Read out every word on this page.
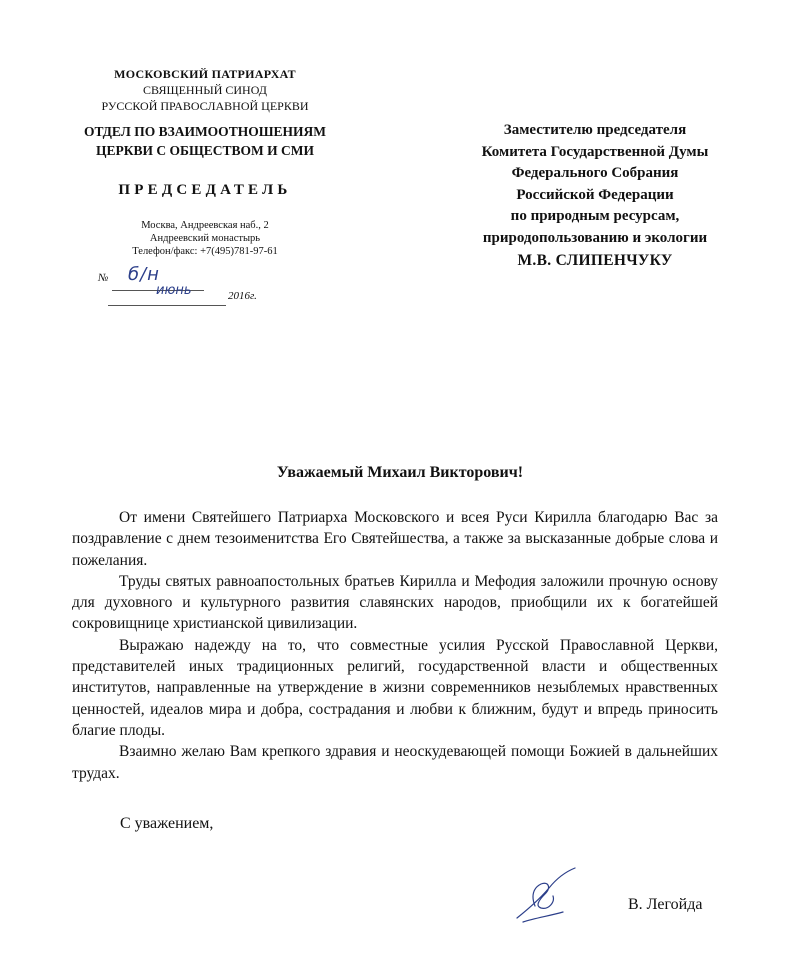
МОСКОВСКИЙ ПАТРИАРХАТ
СВЯЩЕННЫЙ СИНОД
РУССКОЙ ПРАВОСЛАВНОЙ ЦЕРКВИ
ОТДЕЛ ПО ВЗАИМООТНОШЕНИЯМ
ЦЕРКВИ С ОБЩЕСТВОМ И СМИ
ПРЕДСЕДАТЕЛЬ
Москва, Андреевская наб., 2
Андреевский монастырь
Телефон/факс: +7(495)781-97-61
№ б/н
июнь	2016г.
Заместителю председателя
Комитета Государственной Думы
Федерального Собрания
Российской Федерации
по природным ресурсам,
природопользованию и экологии
М.В. СЛИПЕНЧУКУ
Уважаемый Михаил Викторович!

От имени Святейшего Патриарха Московского и всея Руси Кирилла благодарю Вас за поздравление с днем тезоименитства Его Святейшества, а также за высказанные добрые слова и пожелания.

Труды святых равноапостольных братьев Кирилла и Мефодия заложили прочную основу для духовного и культурного развития славянских народов, приобщили их к богатейшей сокровищнице христианской цивилизации.

Выражаю надежду на то, что совместные усилия Русской Православной Церкви, представителей иных традиционных религий, государственной власти и общественных институтов, направленные на утверждение в жизни современников незыблемых нравственных ценностей, идеалов мира и добра, сострадания и любви к ближним, будут и впредь приносить благие плоды.

Взаимно желаю Вам крепкого здравия и неоскудевающей помощи Божией в дальнейших трудах.

С уважением,
В. Легойда
